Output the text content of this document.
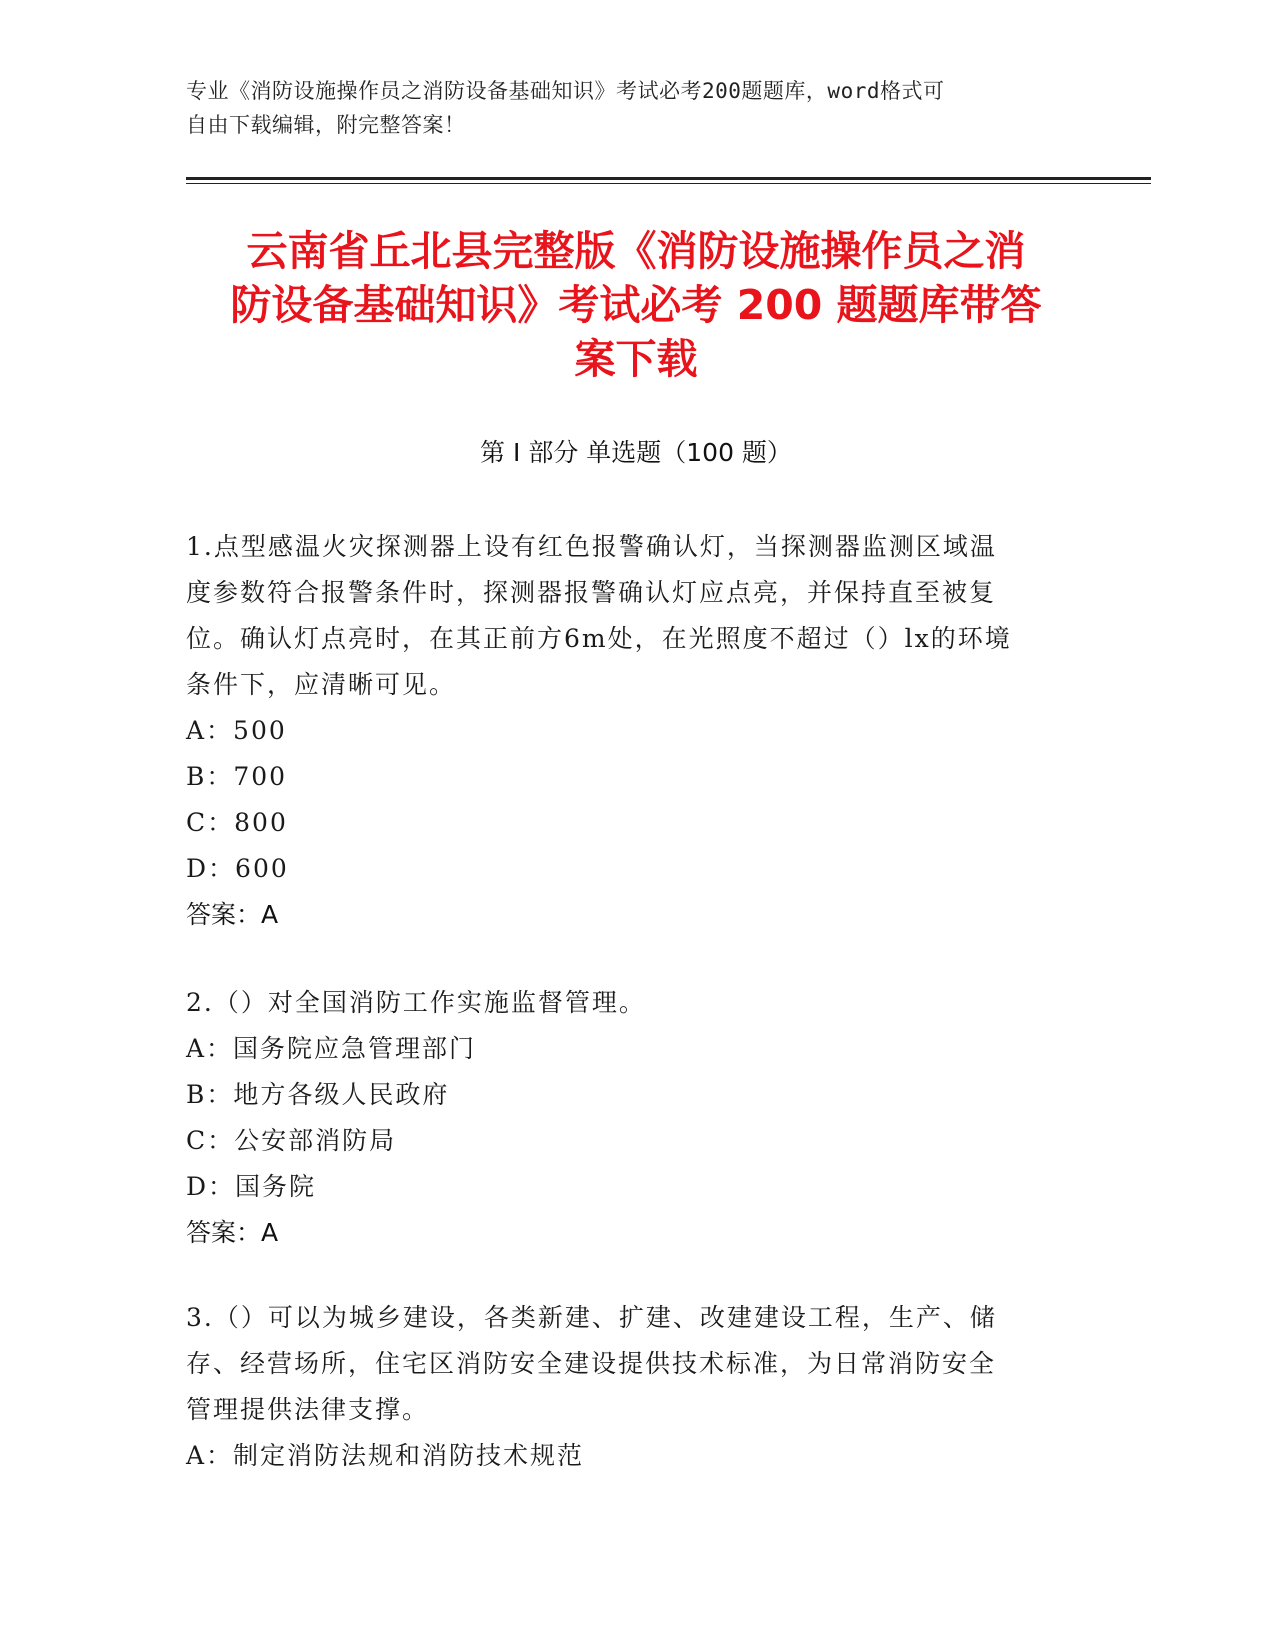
专业《消防设施操作员之消防设备基础知识》考试必考200题题库，word格式可
自由下载编辑，附完整答案！
云南省丘北县完整版《消防设施操作员之消
防设备基础知识》考试必考 200 题题库带答
案下载
第 I 部分 单选题（100 题）
1.点型感温火灾探测器上设有红色报警确认灯，当探测器监测区域温
度参数符合报警条件时，探测器报警确认灯应点亮，并保持直至被复
位。确认灯点亮时，在其正前方6m处，在光照度不超过（）lx的环境
条件下，应清晰可见。
A：500
B：700
C：800
D：600
答案：A
2.（）对全国消防工作实施监督管理。
A：国务院应急管理部门
B：地方各级人民政府
C：公安部消防局
D：国务院
答案：A
3.（）可以为城乡建设，各类新建、扩建、改建建设工程，生产、储
存、经营场所，住宅区消防安全建设提供技术标准，为日常消防安全
管理提供法律支撑。
A：制定消防法规和消防技术规范
